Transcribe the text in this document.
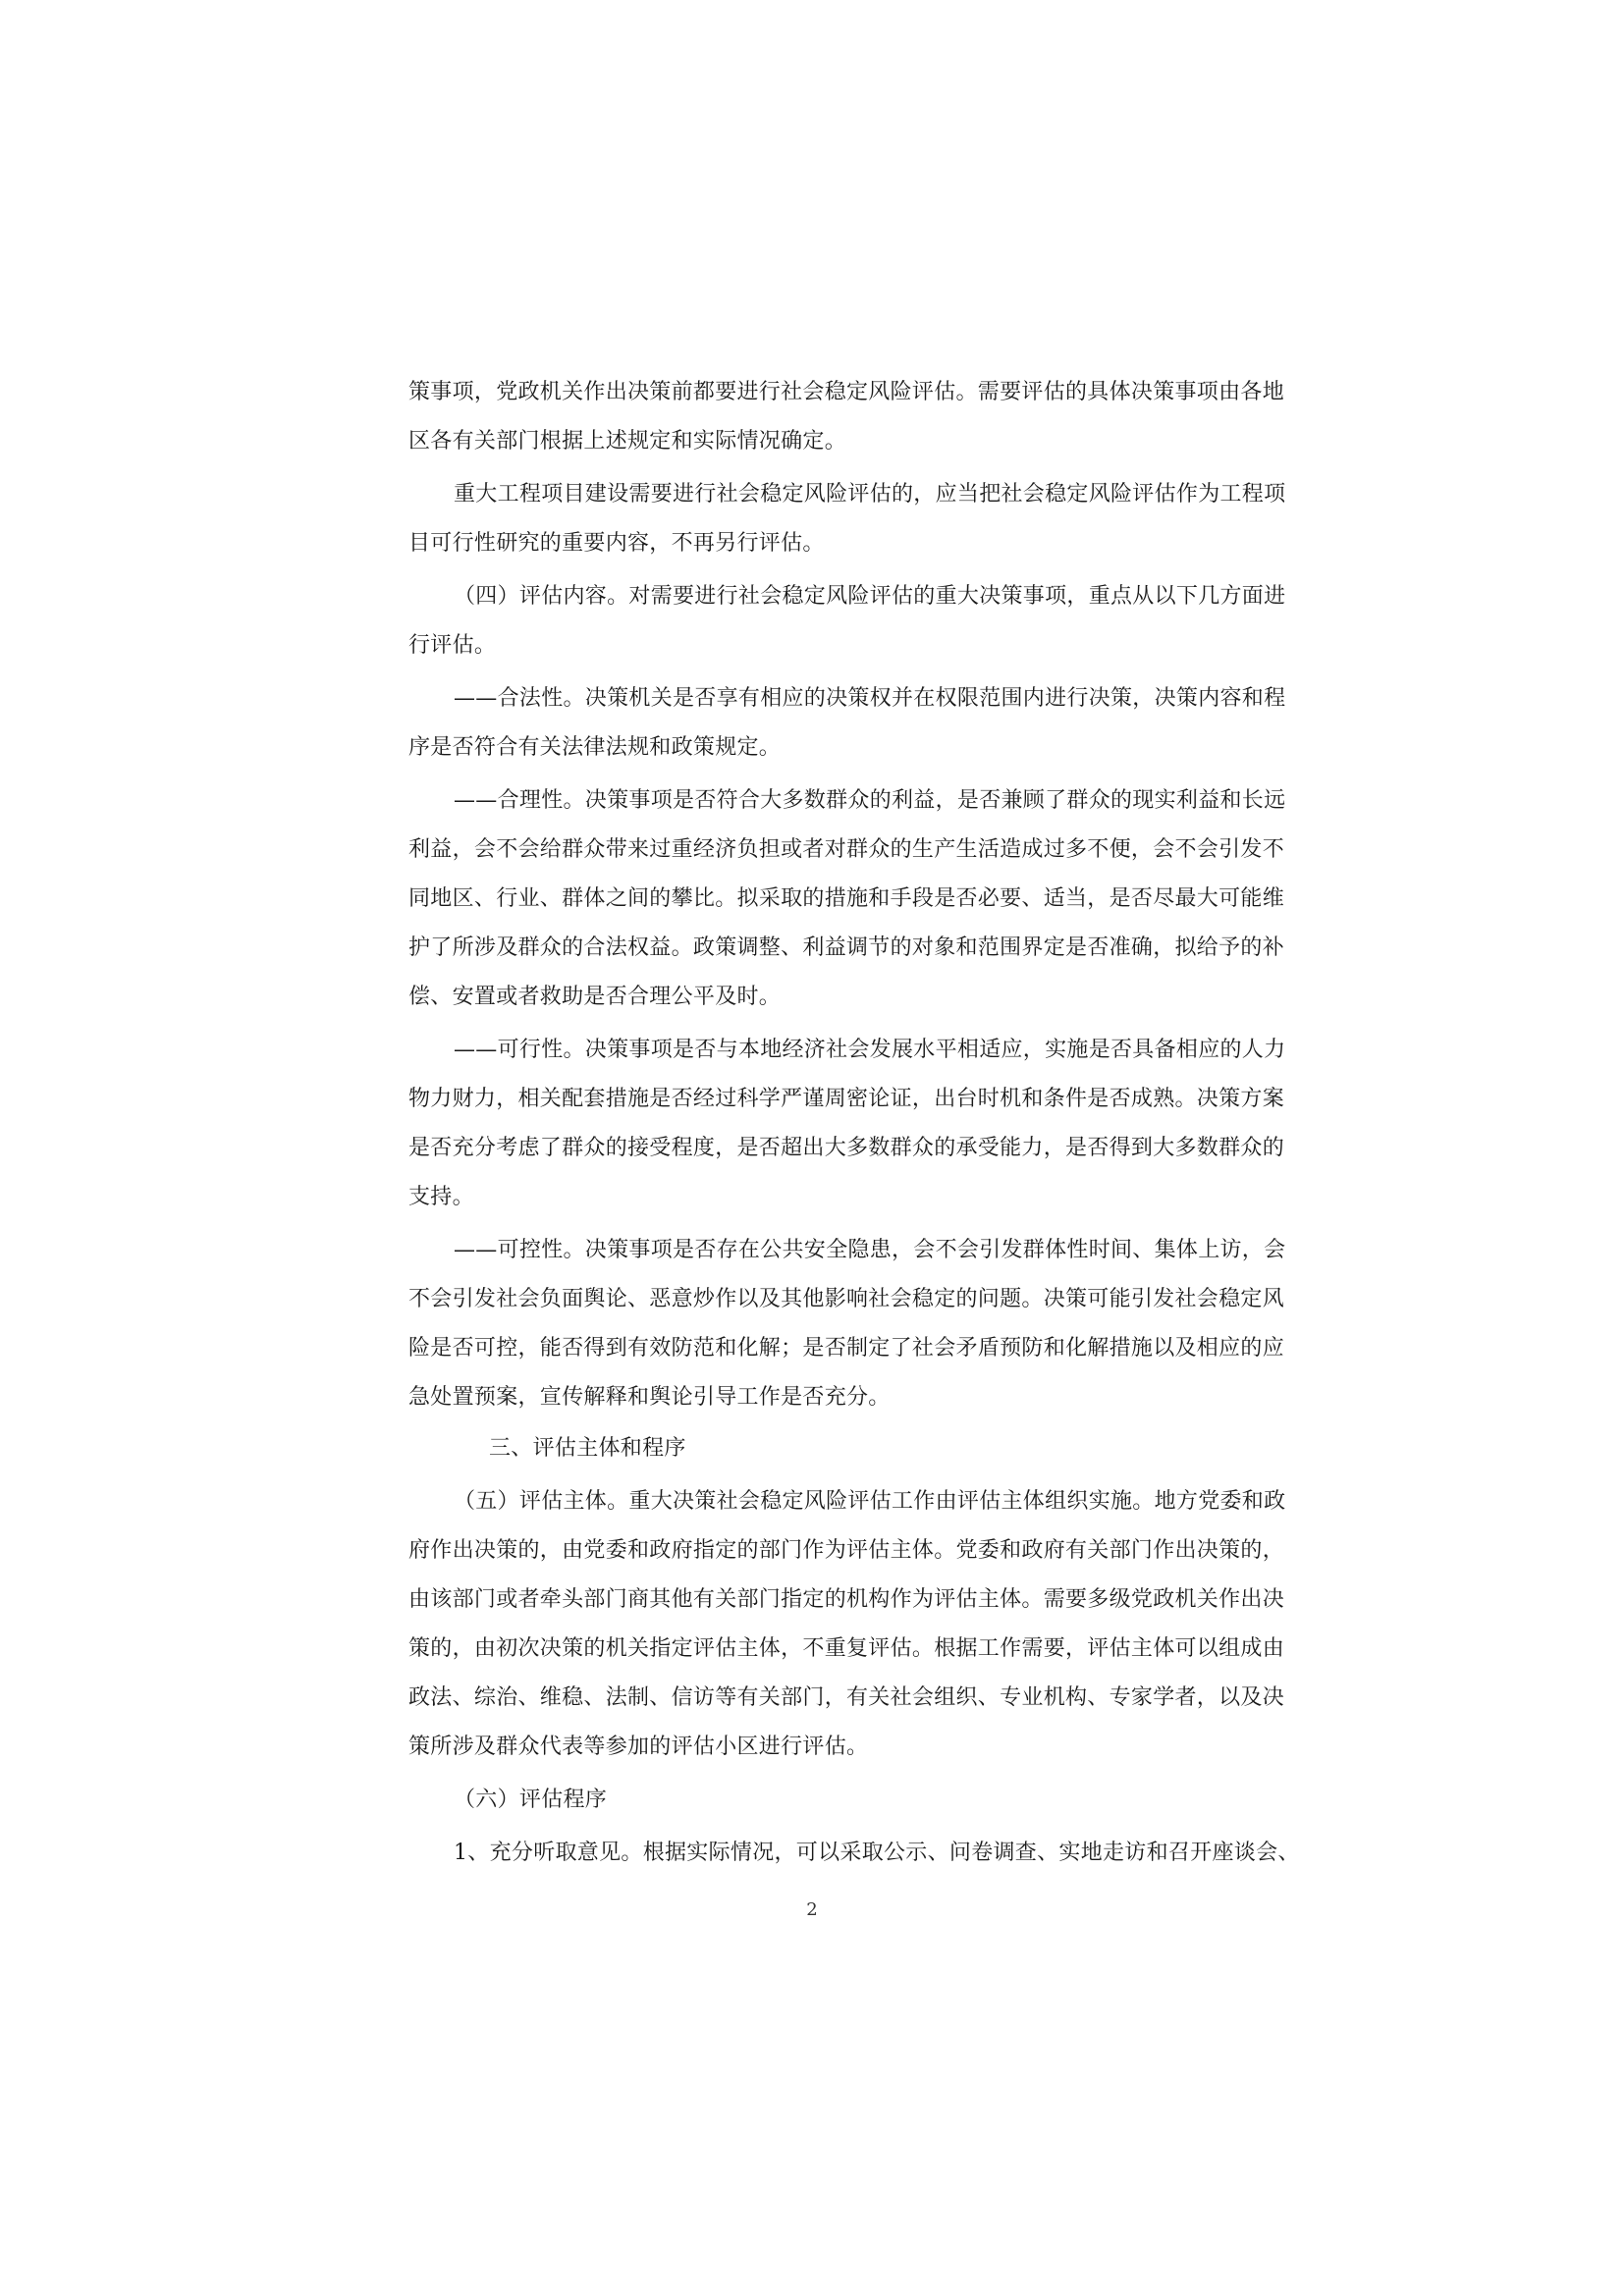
策事项，党政机关作出决策前都要进行社会稳定风险评估。需要评估的具体决策事项由各地
区各有关部门根据上述规定和实际情况确定。
重大工程项目建设需要进行社会稳定风险评估的，应当把社会稳定风险评估作为工程项
目可行性研究的重要内容，不再另行评估。
（四）评估内容。对需要进行社会稳定风险评估的重大决策事项，重点从以下几方面进
行评估。
——合法性。决策机关是否享有相应的决策权并在权限范围内进行决策，决策内容和程
序是否符合有关法律法规和政策规定。
——合理性。决策事项是否符合大多数群众的利益，是否兼顾了群众的现实利益和长远
利益，会不会给群众带来过重经济负担或者对群众的生产生活造成过多不便，会不会引发不
同地区、行业、群体之间的攀比。拟采取的措施和手段是否必要、适当，是否尽最大可能维
护了所涉及群众的合法权益。政策调整、利益调节的对象和范围界定是否准确，拟给予的补
偿、安置或者救助是否合理公平及时。
——可行性。决策事项是否与本地经济社会发展水平相适应，实施是否具备相应的人力
物力财力，相关配套措施是否经过科学严谨周密论证，出台时机和条件是否成熟。决策方案
是否充分考虑了群众的接受程度，是否超出大多数群众的承受能力，是否得到大多数群众的
支持。
——可控性。决策事项是否存在公共安全隐患，会不会引发群体性时间、集体上访，会
不会引发社会负面舆论、恶意炒作以及其他影响社会稳定的问题。决策可能引发社会稳定风
险是否可控，能否得到有效防范和化解；是否制定了社会矛盾预防和化解措施以及相应的应
急处置预案，宣传解释和舆论引导工作是否充分。
三、评估主体和程序
（五）评估主体。重大决策社会稳定风险评估工作由评估主体组织实施。地方党委和政
府作出决策的，由党委和政府指定的部门作为评估主体。党委和政府有关部门作出决策的，
由该部门或者牵头部门商其他有关部门指定的机构作为评估主体。需要多级党政机关作出决
策的，由初次决策的机关指定评估主体，不重复评估。根据工作需要，评估主体可以组成由
政法、综治、维稳、法制、信访等有关部门，有关社会组织、专业机构、专家学者，以及决
策所涉及群众代表等参加的评估小区进行评估。
（六）评估程序
1、充分听取意见。根据实际情况，可以采取公示、问卷调查、实地走访和召开座谈会、
2
